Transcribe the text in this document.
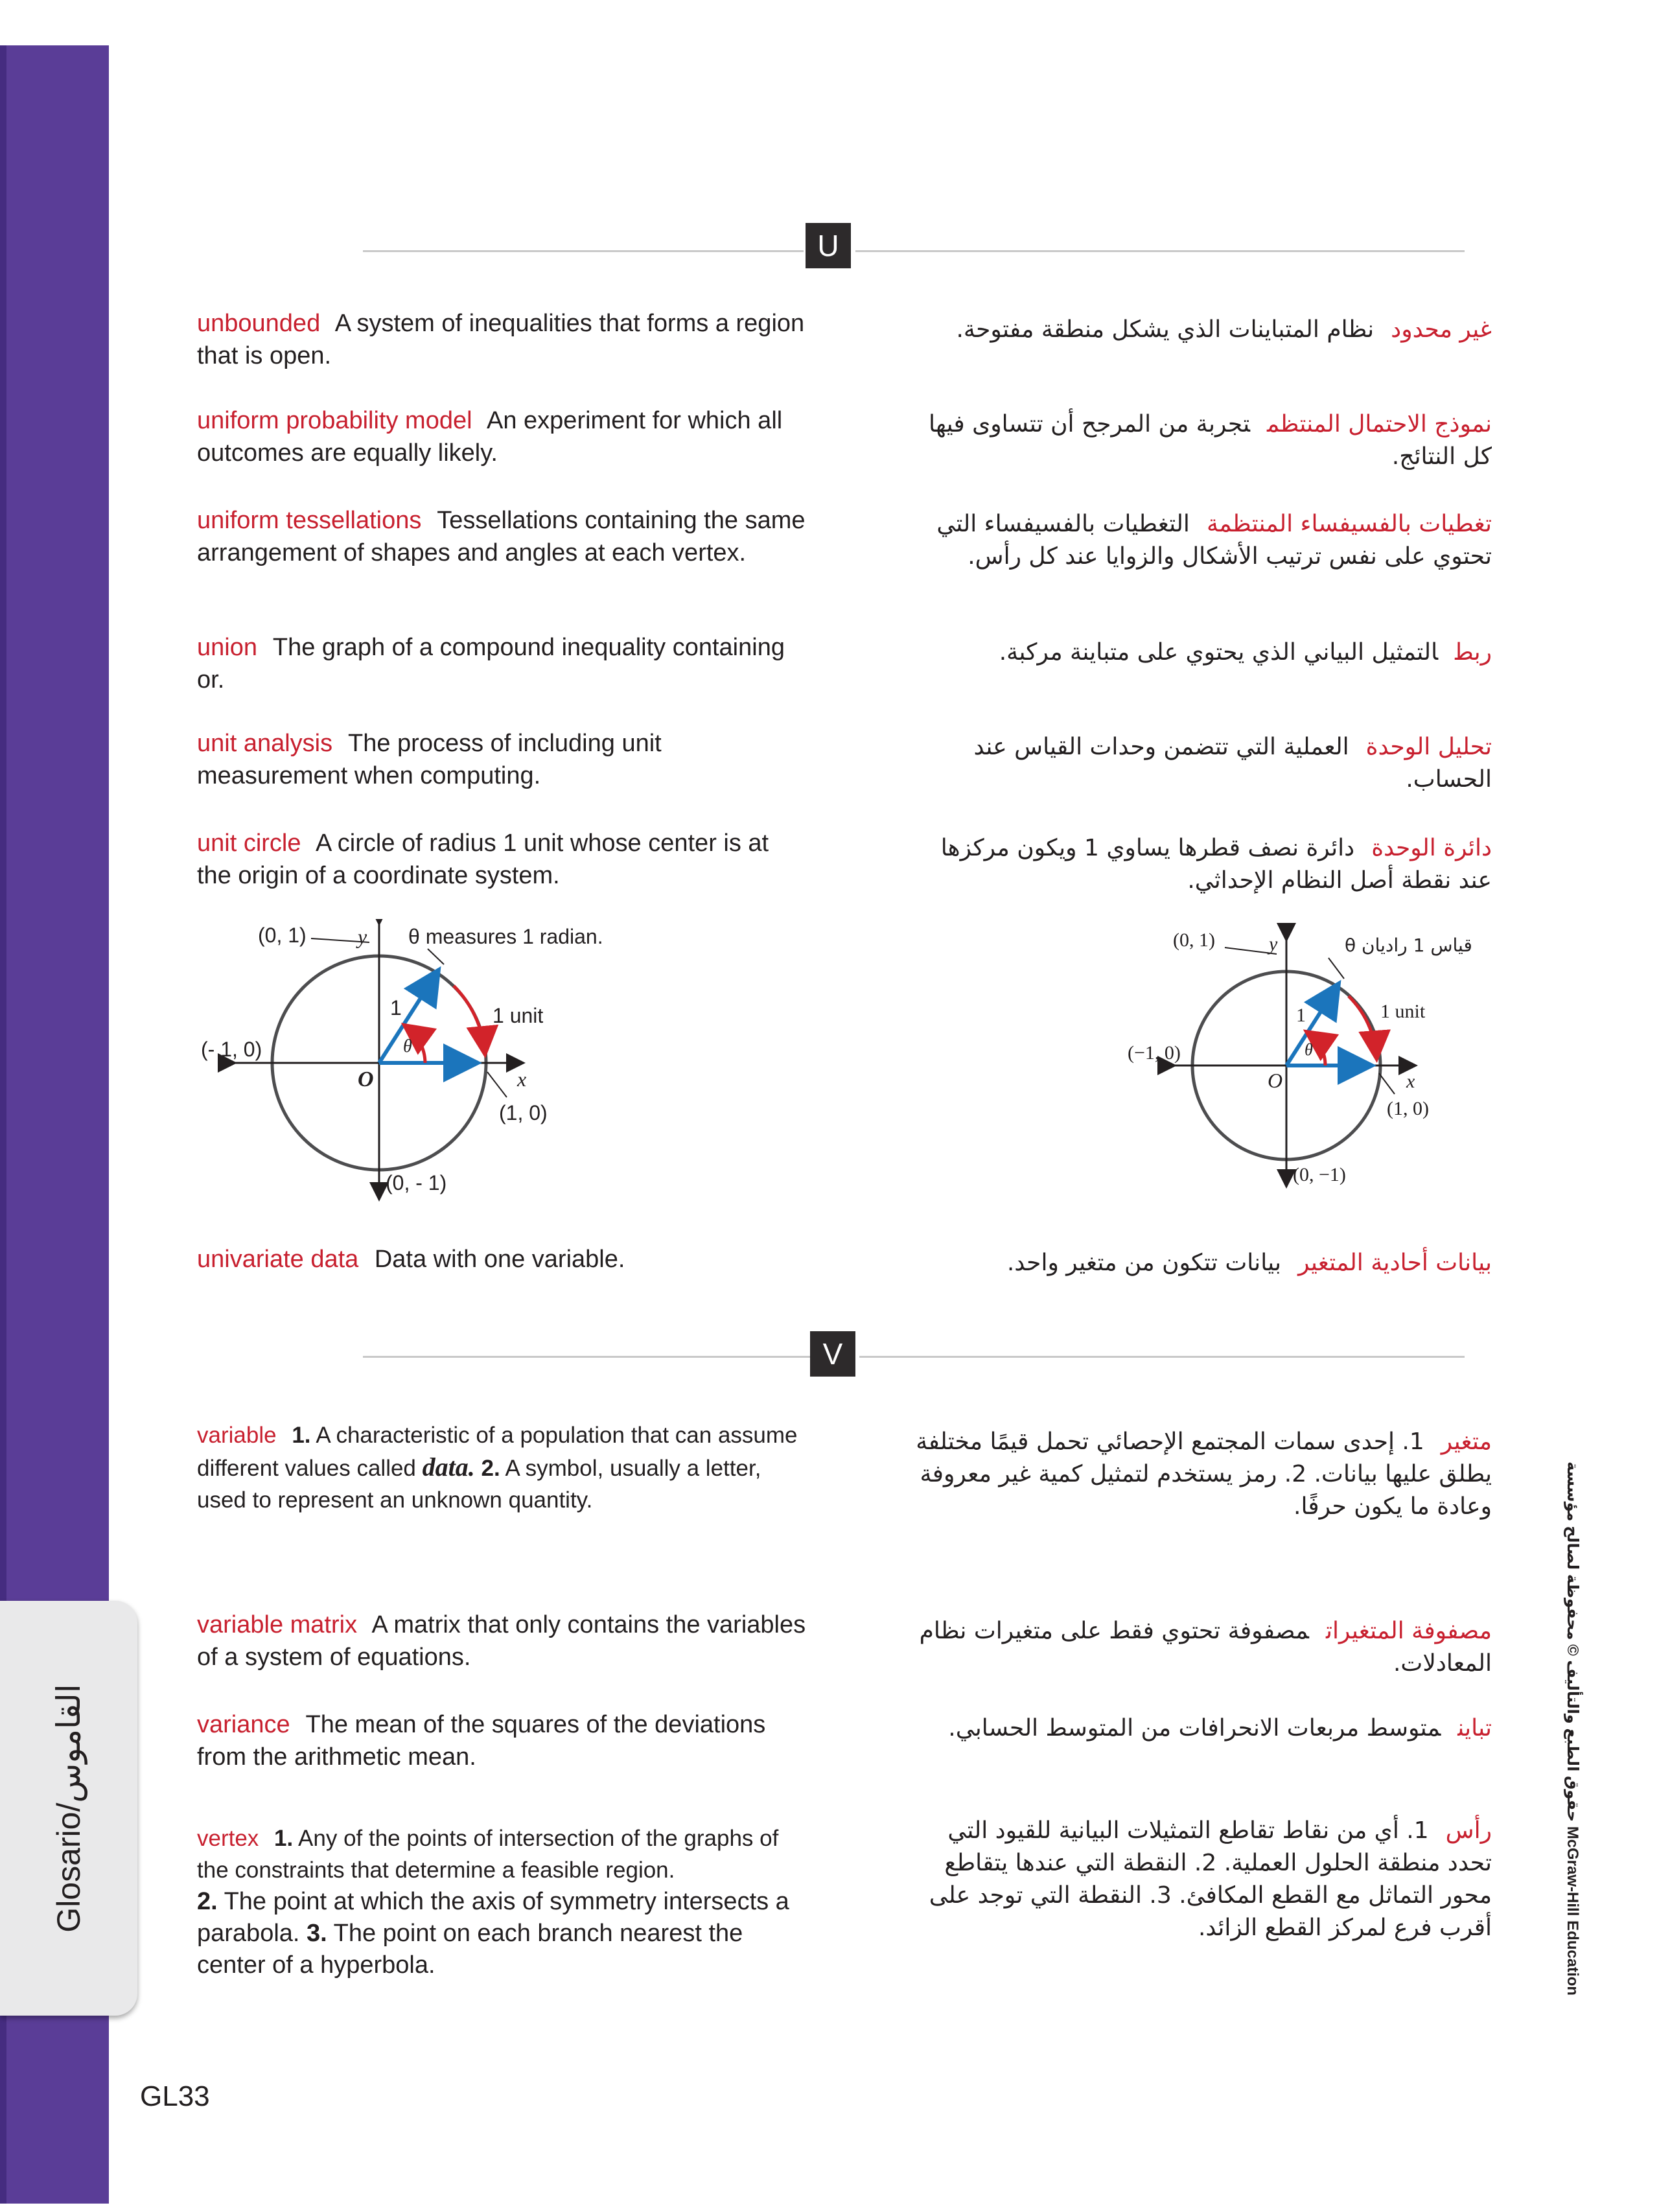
Glosario/القاموس
GL33
حقوق الطبع والتأليف © محفوظة لصالح مؤسسة McGraw-Hill Education
U
unbounded A system of inequalities that forms a region that is open.
uniform probability model An experiment for which all outcomes are equally likely.
uniform tessellations Tessellations containing the same arrangement of shapes and angles at each vertex.
union The graph of a compound inequality containing or.
unit analysis The process of including unit measurement when computing.
unit circle A circle of radius 1 unit whose center is at the origin of a coordinate system.
(0, 1) y θ measures 1 radian.
(- 1, 0)
1	1 unit
θ
O	x
(1, 0)
(0, - 1)
univariate data Data with one variable.
V
variable 1. A characteristic of a population that can assume different values called data. 2. A symbol, usually a letter, used to represent an unknown quantity.
variable matrix A matrix that only contains the variables of a system of equations.
variance The mean of the squares of the deviations from the arithmetic mean.
vertex 1. Any of the points of intersection of the graphs of the constraints that determine a feasible region.
2. The point at which the axis of symmetry intersects a parabola. 3. The point on each branch nearest the center of a hyperbola.
غير محدودنظام المتباينات الذي يشكل منطقة مفتوحة.
نموذج الاحتمال المنتظمتجربة من المرجح أن تتساوى فيها كل النتائج.
تغطيات بالفسيفساء المنتظمةالتغطيات بالفسيفساء التي تحتوي على نفس ترتيب الأشكال والزوايا عند كل رأس.
ربطالتمثيل البياني الذي يحتوي على متباينة مركبة.
تحليل الوحدةالعملية التي تتضمن وحدات القياس عند الحساب.
دائرة الوحدةدائرة نصف قطرها يساوي 1 ويكون مركزها عند نقطة أصل النظام الإحداثي.
(0, 1)	y	θ قياس 1 راديان
(−1, 0)
1	1 unit
θ
O	x
(1, 0)
(0, −1)
بيانات أحادية المتغيربيانات تتكون من متغير واحد.
متغير1. إحدى سمات المجتمع الإحصائي تحمل قيمًا مختلفة يطلق عليها بيانات. 2. رمز يستخدم لتمثيل كمية غير معروفة وعادة ما يكون حرفًا.
مصفوفة المتغيراتمصفوفة تحتوي فقط على متغيرات نظام المعادلات.
تباينمتوسط مربعات الانحرافات من المتوسط الحسابي.
رأس1. أي من نقاط تقاطع التمثيلات البيانية للقيود التي تحدد منطقة الحلول العملية. 2. النقطة التي عندها يتقاطع محور التماثل مع القطع المكافئ. 3. النقطة التي توجد على أقرب فرع لمركز القطع الزائد.
